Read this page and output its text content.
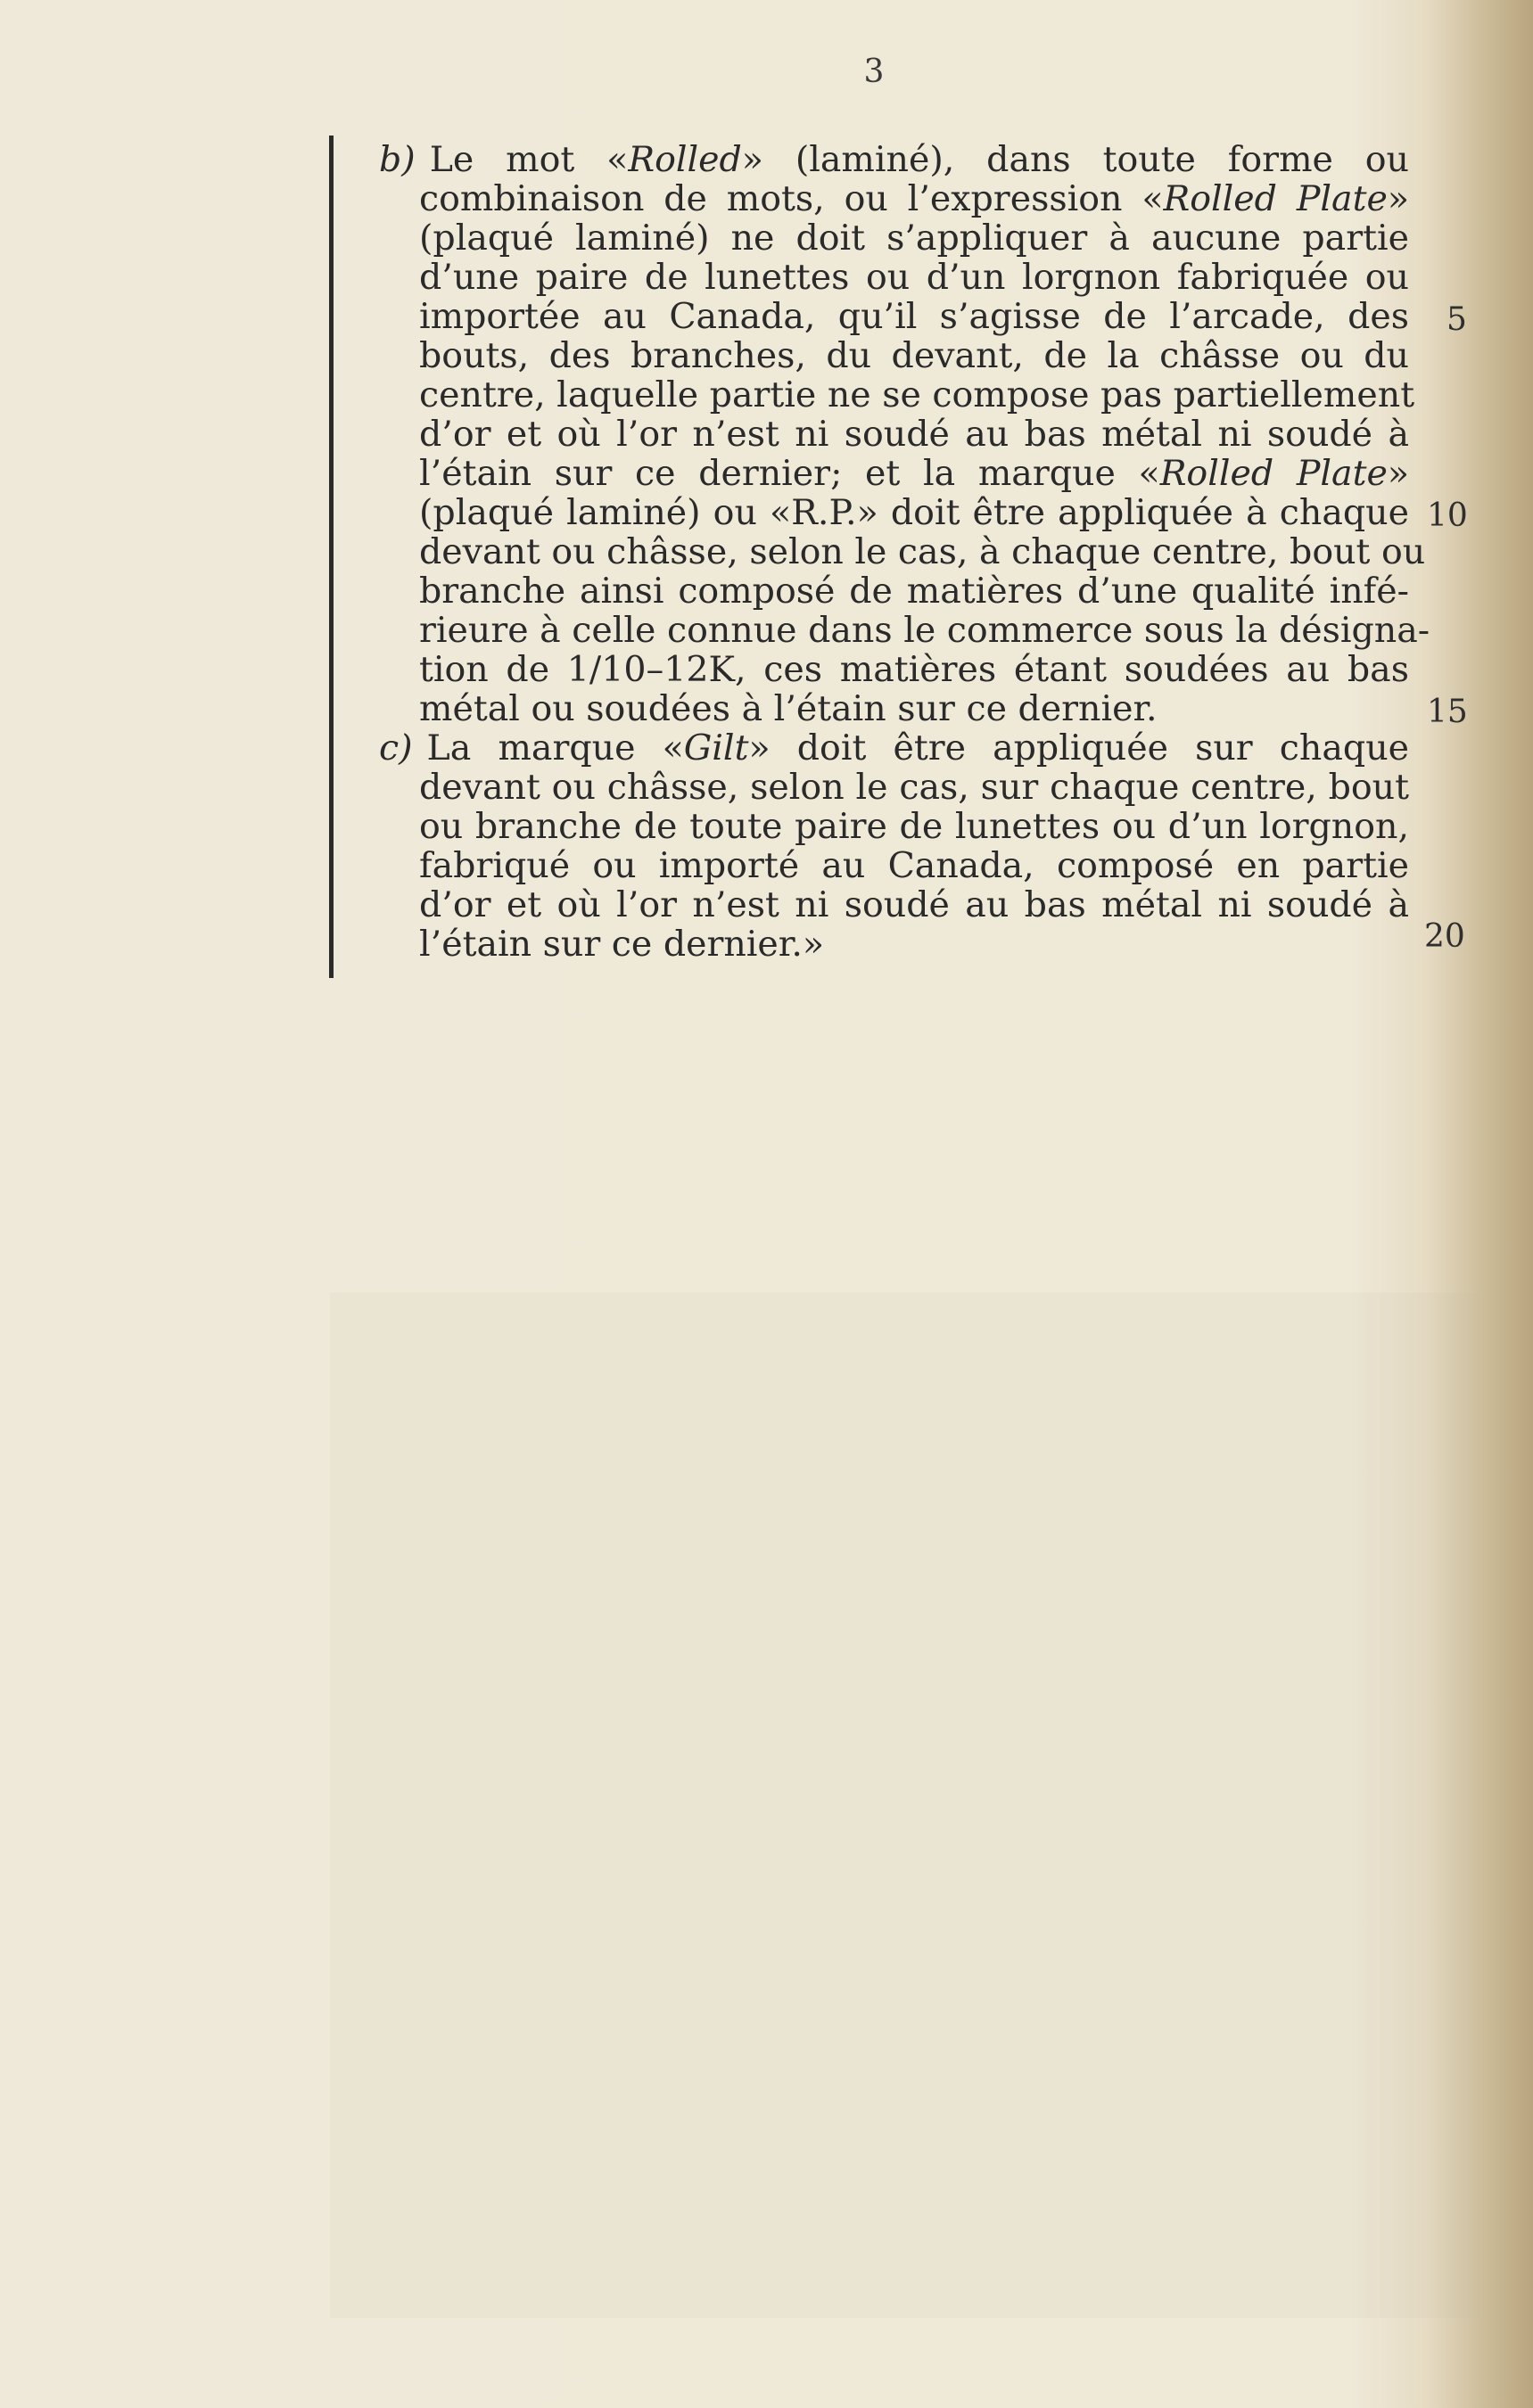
3
b) Le mot «Rolled» (laminé), dans toute forme ou
combinaison de mots, ou l’expression «Rolled Plate»
(plaqué laminé) ne doit s’appliquer à aucune partie
d’une paire de lunettes ou d’un lorgnon fabriquée ou
importée au Canada, qu’il s’agisse de l’arcade, des
bouts, des branches, du devant, de la châsse ou du
centre, laquelle partie ne se compose pas partiellement
d’or et où l’or n’est ni soudé au bas métal ni soudé à
l’étain sur ce dernier; et la marque «Rolled Plate»
(plaqué laminé) ou «R.P.» doit être appliquée à chaque
devant ou châsse, selon le cas, à chaque centre, bout ou
branche ainsi composé de matières d’une qualité infé-
rieure à celle connue dans le commerce sous la désigna-
tion de 1/10–12K, ces matières étant soudées au bas
métal ou soudées à l’étain sur ce dernier.
c) La marque «Gilt» doit être appliquée sur chaque
devant ou châsse, selon le cas, sur chaque centre, bout
ou branche de toute paire de lunettes ou d’un lorgnon,
fabriqué ou importé au Canada, composé en partie
d’or et où l’or n’est ni soudé au bas métal ni soudé à
l’étain sur ce dernier.»
5
10
15
20
